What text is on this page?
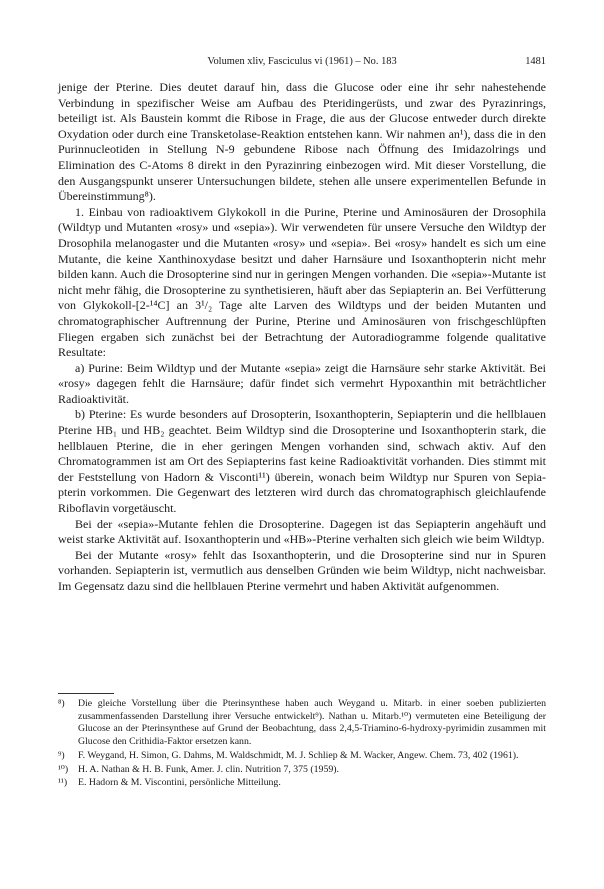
Volumen xliv, Fasciculus vi (1961) – No. 183	1481

jenige der Pterine. Dies deutet darauf hin, dass die Glucose oder eine ihr sehr nahestehende Verbindung in spezifischer Weise am Aufbau des Pteridingerüsts, und zwar des Pyrazinrings, beteiligt ist. Als Baustein kommt die Ribose in Frage, die aus der Glucose entweder durch direkte Oxydation oder durch eine Transketolase-Reaktion entstehen kann. Wir nahmen an¹), dass die in den Purinnucleotiden in Stellung N-9 gebundene Ribose nach Öffnung des Imidazolrings und Elimination des C-Atoms 8 direkt in den Pyrazinring einbezogen wird. Mit dieser Vorstellung, die den Ausgangspunkt unserer Untersuchungen bildete, stehen alle unsere experimentellen Befunde in Übereinstimmung⁸).

1. Einbau von radioaktivem Glykokoll in die Purine, Pterine und Aminosäuren der Drosophila (Wildtyp und Mutanten «rosy» und «sepia»). Wir verwendeten für unsere Versuche den Wildtyp der Drosophila melanogaster und die Mutanten «rosy» und «sepia». Bei «rosy» handelt es sich um eine Mutante, die keine Xanthinoxydase besitzt und daher Harnsäure und Isoxanthopterin nicht mehr bilden kann. Auch die Drosopterine sind nur in geringen Mengen vorhanden. Die «sepia»-Mutante ist nicht mehr fähig, die Drosopterine zu synthetisieren, häuft aber das Sepiapterin an. Bei Verfütterung von Glykokoll-[2-¹⁴C] an 3¹/₂ Tage alte Larven des Wildtyps und der beiden Mutanten und chromatographischer Auftrennung der Purine, Pterine und Aminosäuren von frischgeschlüpften Fliegen ergaben sich zunächst bei der Betrachtung der Autoradiogramme folgende qualitative Resultate:

a) Purine: Beim Wildtyp und der Mutante «sepia» zeigt die Harnsäure sehr starke Aktivität. Bei «rosy» dagegen fehlt die Harnsäure; dafür findet sich vermehrt Hypoxanthin mit beträchtlicher Radioaktivität.

b) Pterine: Es wurde besonders auf Drosopterin, Isoxanthopterin, Sepiapterin und die hellblauen Pterine HB₁ und HB₂ geachtet. Beim Wildtyp sind die Drosopterine und Isoxanthopterin stark, die hellblauen Pterine, die in eher geringen Mengen vorhanden sind, schwach aktiv. Auf den Chromatogrammen ist am Ort des Sepiapterins fast keine Radioaktivität vorhanden. Dies stimmt mit der Feststellung von Hadorn & Visconti¹¹) überein, wonach beim Wildtyp nur Spuren von Sepiapterin vorkommen. Die Gegenwart des letzteren wird durch das chromatographisch gleichlaufende Riboflavin vorgetäuscht.

Bei der «sepia»-Mutante fehlen die Drosopterine. Dagegen ist das Sepiapterin angehäuft und weist starke Aktivität auf. Isoxanthopterin und «HB»-Pterine verhalten sich gleich wie beim Wildtyp.

Bei der Mutante «rosy» fehlt das Isoxanthopterin, und die Drosopterine sind nur in Spuren vorhanden. Sepiapterin ist, vermutlich aus denselben Gründen wie beim Wildtyp, nicht nachweisbar. Im Gegensatz dazu sind die hellblauen Pterine vermehrt und haben Aktivität aufgenommen.

⁸) Die gleiche Vorstellung über die Pterinsynthese haben auch Weygand u. Mitarb. in einer soeben publizierten zusammenfassenden Darstellung ihrer Versuche entwickelt⁹). Nathan u. Mitarb.¹⁰) vermuteten eine Beteiligung der Glucose an der Pterinsynthese auf Grund der Beobachtung, dass 2,4,5-Triamino-6-hydroxy-pyrimidin zusammen mit Glucose den Crithidia-Faktor ersetzen kann.
⁹) F. Weygand, H. Simon, G. Dahms, M. Waldschmidt, M. J. Schliep & M. Wacker, Angew. Chem. 73, 402 (1961).
¹⁰) H. A. Nathan & H. B. Funk, Amer. J. clin. Nutrition 7, 375 (1959).
¹¹) E. Hadorn & M. Viscontini, persönliche Mitteilung.
